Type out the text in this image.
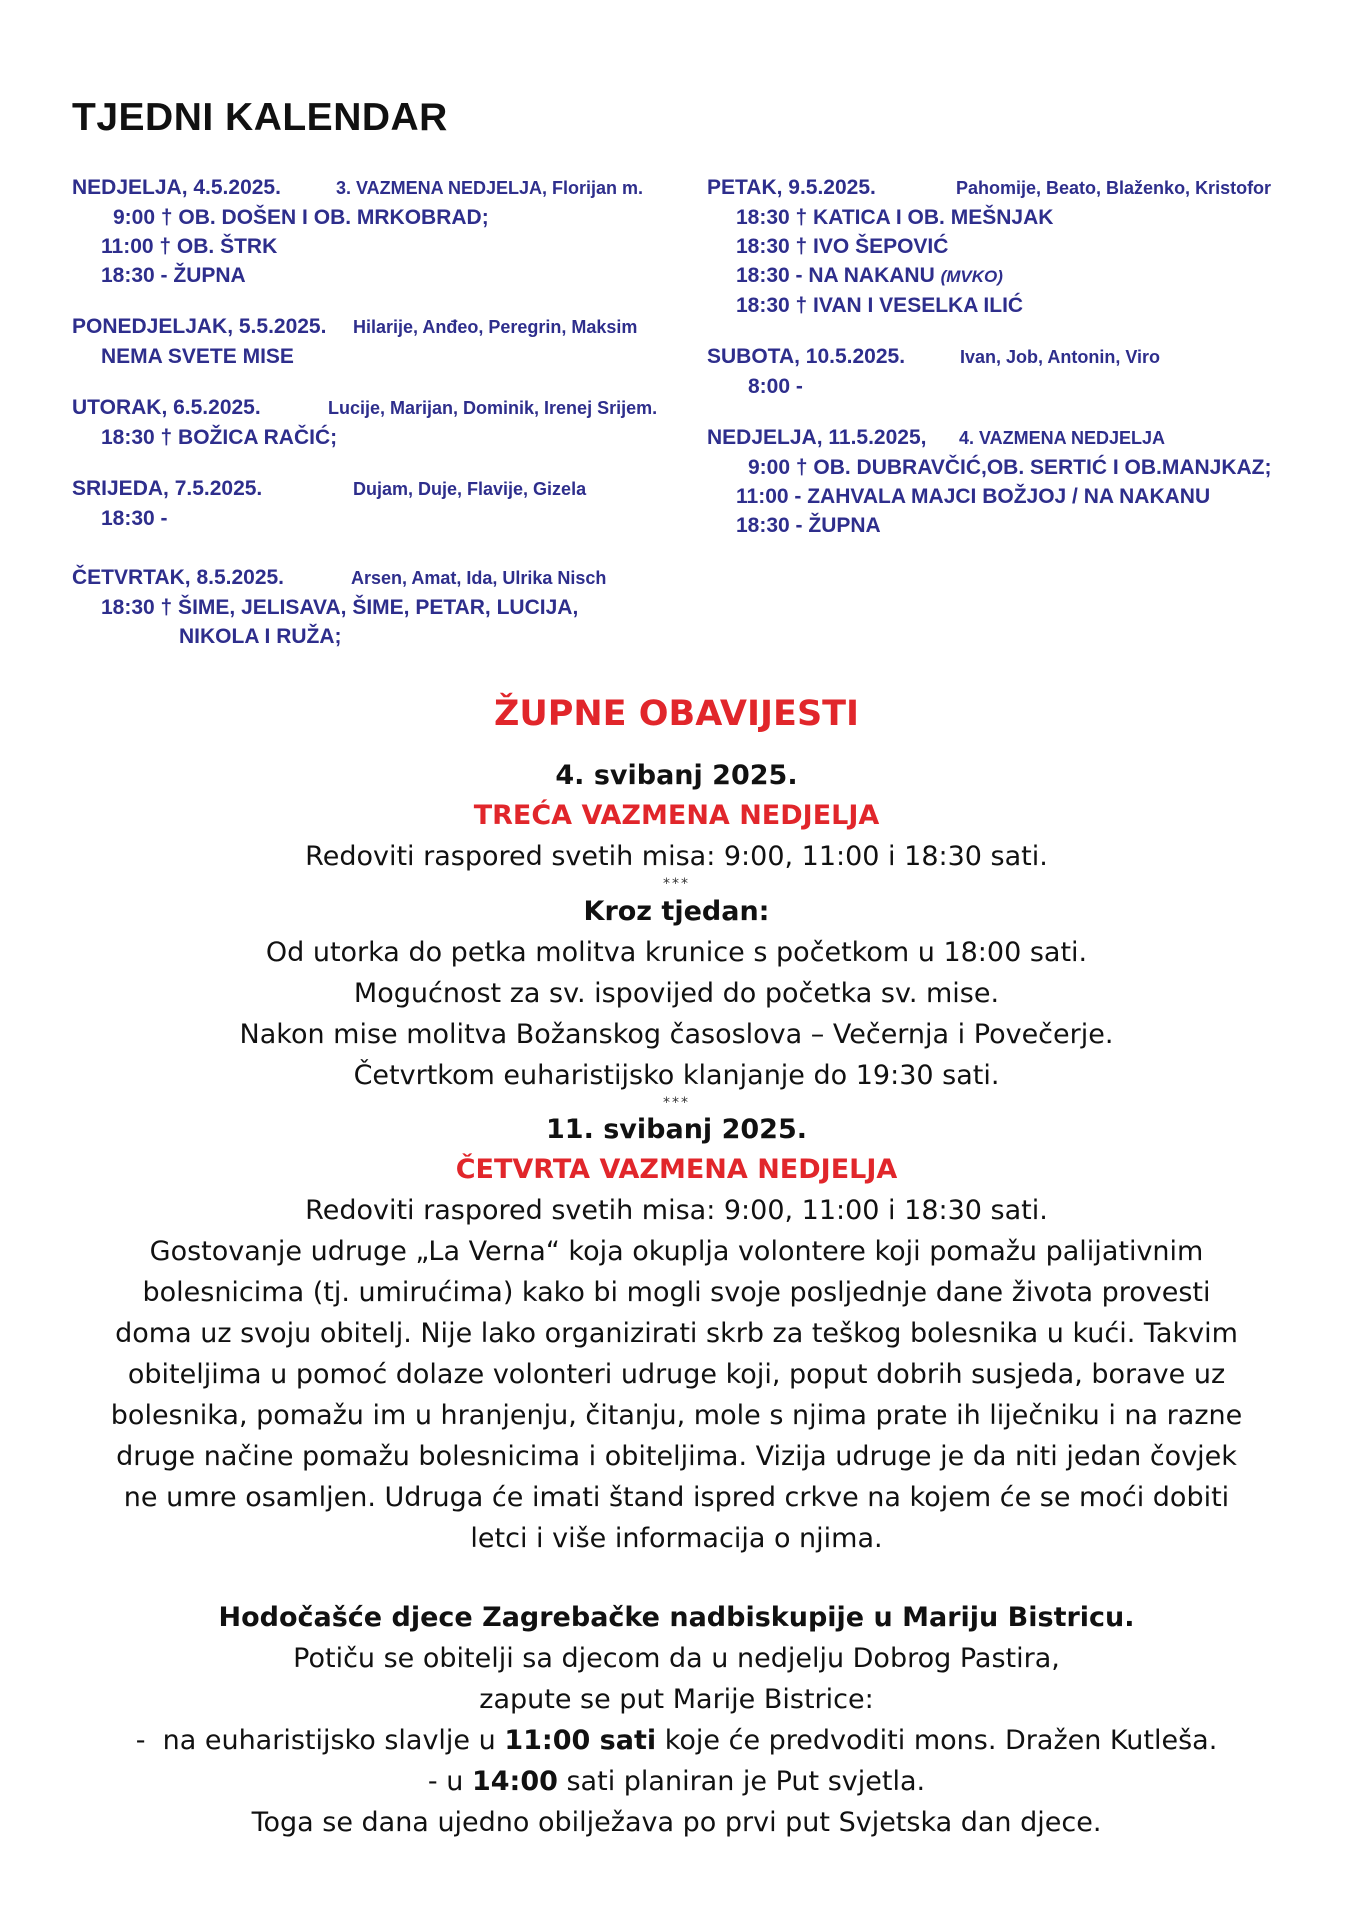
TJEDNI KALENDAR
NEDJELJA, 4.5.2025.	3. VAZMENA NEDJELJA, Florijan m.
9:00 † OB. DOŠEN I OB. MRKOBRAD;
11:00 † OB. ŠTRK
18:30 - ŽUPNA
PONEDJELJAK, 5.5.2025. Hilarije, Anđeo, Peregrin, Maksim
NEMA SVETE MISE
UTORAK, 6.5.2025.	Lucije, Marijan, Dominik, Irenej Srijem.
18:30 † BOŽICA RAČIĆ;
SRIJEDA, 7.5.2025.	Dujam, Duje, Flavije, Gizela
18:30 -
ČETVRTAK, 8.5.2025.	Arsen, Amat, Ida, Ulrika Nisch
18:30 † ŠIME, JELISAVA, ŠIME, PETAR, LUCIJA,
NIKOLA I RUŽA;
PETAK, 9.5.2025.	Pahomije, Beato, Blaženko, Kristofor
18:30 † KATICA I OB. MEŠNJAK
18:30 † IVO ŠEPOVIĆ
18:30 - NA NAKANU (MVKO)
18:30 † IVAN I VESELKA ILIĆ
SUBOTA, 10.5.2025.	Ivan, Job, Antonin, Viro
8:00 -
NEDJELJA, 11.5.2025, 4. VAZMENA NEDJELJA
9:00 † OB. DUBRAVČIĆ,OB. SERTIĆ I OB.MANJKAZ;
11:00 - ZAHVALA MAJCI BOŽJOJ / NA NAKANU
18:30 - ŽUPNA
ŽUPNE OBAVIJESTI
4. svibanj 2025.
TREĆA VAZMENA NEDJELJA
Redoviti raspored svetih misa: 9:00, 11:00 i 18:30 sati.
***
Kroz tjedan:
Od utorka do petka molitva krunice s početkom u 18:00 sati.
Mogućnost za sv. ispovijed do početka sv. mise.
Nakon mise molitva Božanskog časoslova – Večernja i Povečerje.
Četvrtkom euharistijsko klanjanje do 19:30 sati.
***
11. svibanj 2025.
ČETVRTA VAZMENA NEDJELJA
Redoviti raspored svetih misa: 9:00, 11:00 i 18:30 sati.
Gostovanje udruge „La Verna“ koja okuplja volontere koji pomažu palijativnim
bolesnicima (tj. umirućima) kako bi mogli svoje posljednje dane života provesti
doma uz svoju obitelj. Nije lako organizirati skrb za teškog bolesnika u kući. Takvim
obiteljima u pomoć dolaze volonteri udruge koji, poput dobrih susjeda, borave uz
bolesnika, pomažu im u hranjenju, čitanju, mole s njima prate ih liječniku i na razne
druge načine pomažu bolesnicima i obiteljima. Vizija udruge je da niti jedan čovjek
ne umre osamljen. Udruga će imati štand ispred crkve na kojem će se moći dobiti
letci i više informacija o njima.
Hodočašće djece Zagrebačke nadbiskupije u Mariju Bistricu.
Potiču se obitelji sa djecom da u nedjelju Dobrog Pastira,
zapute se put Marije Bistrice:
-  na euharistijsko slavlje u 11:00 sati koje će predvoditi mons. Dražen Kutleša.
- u 14:00 sati planiran je Put svjetla.
Toga se dana ujedno obilježava po prvi put Svjetska dan djece.
